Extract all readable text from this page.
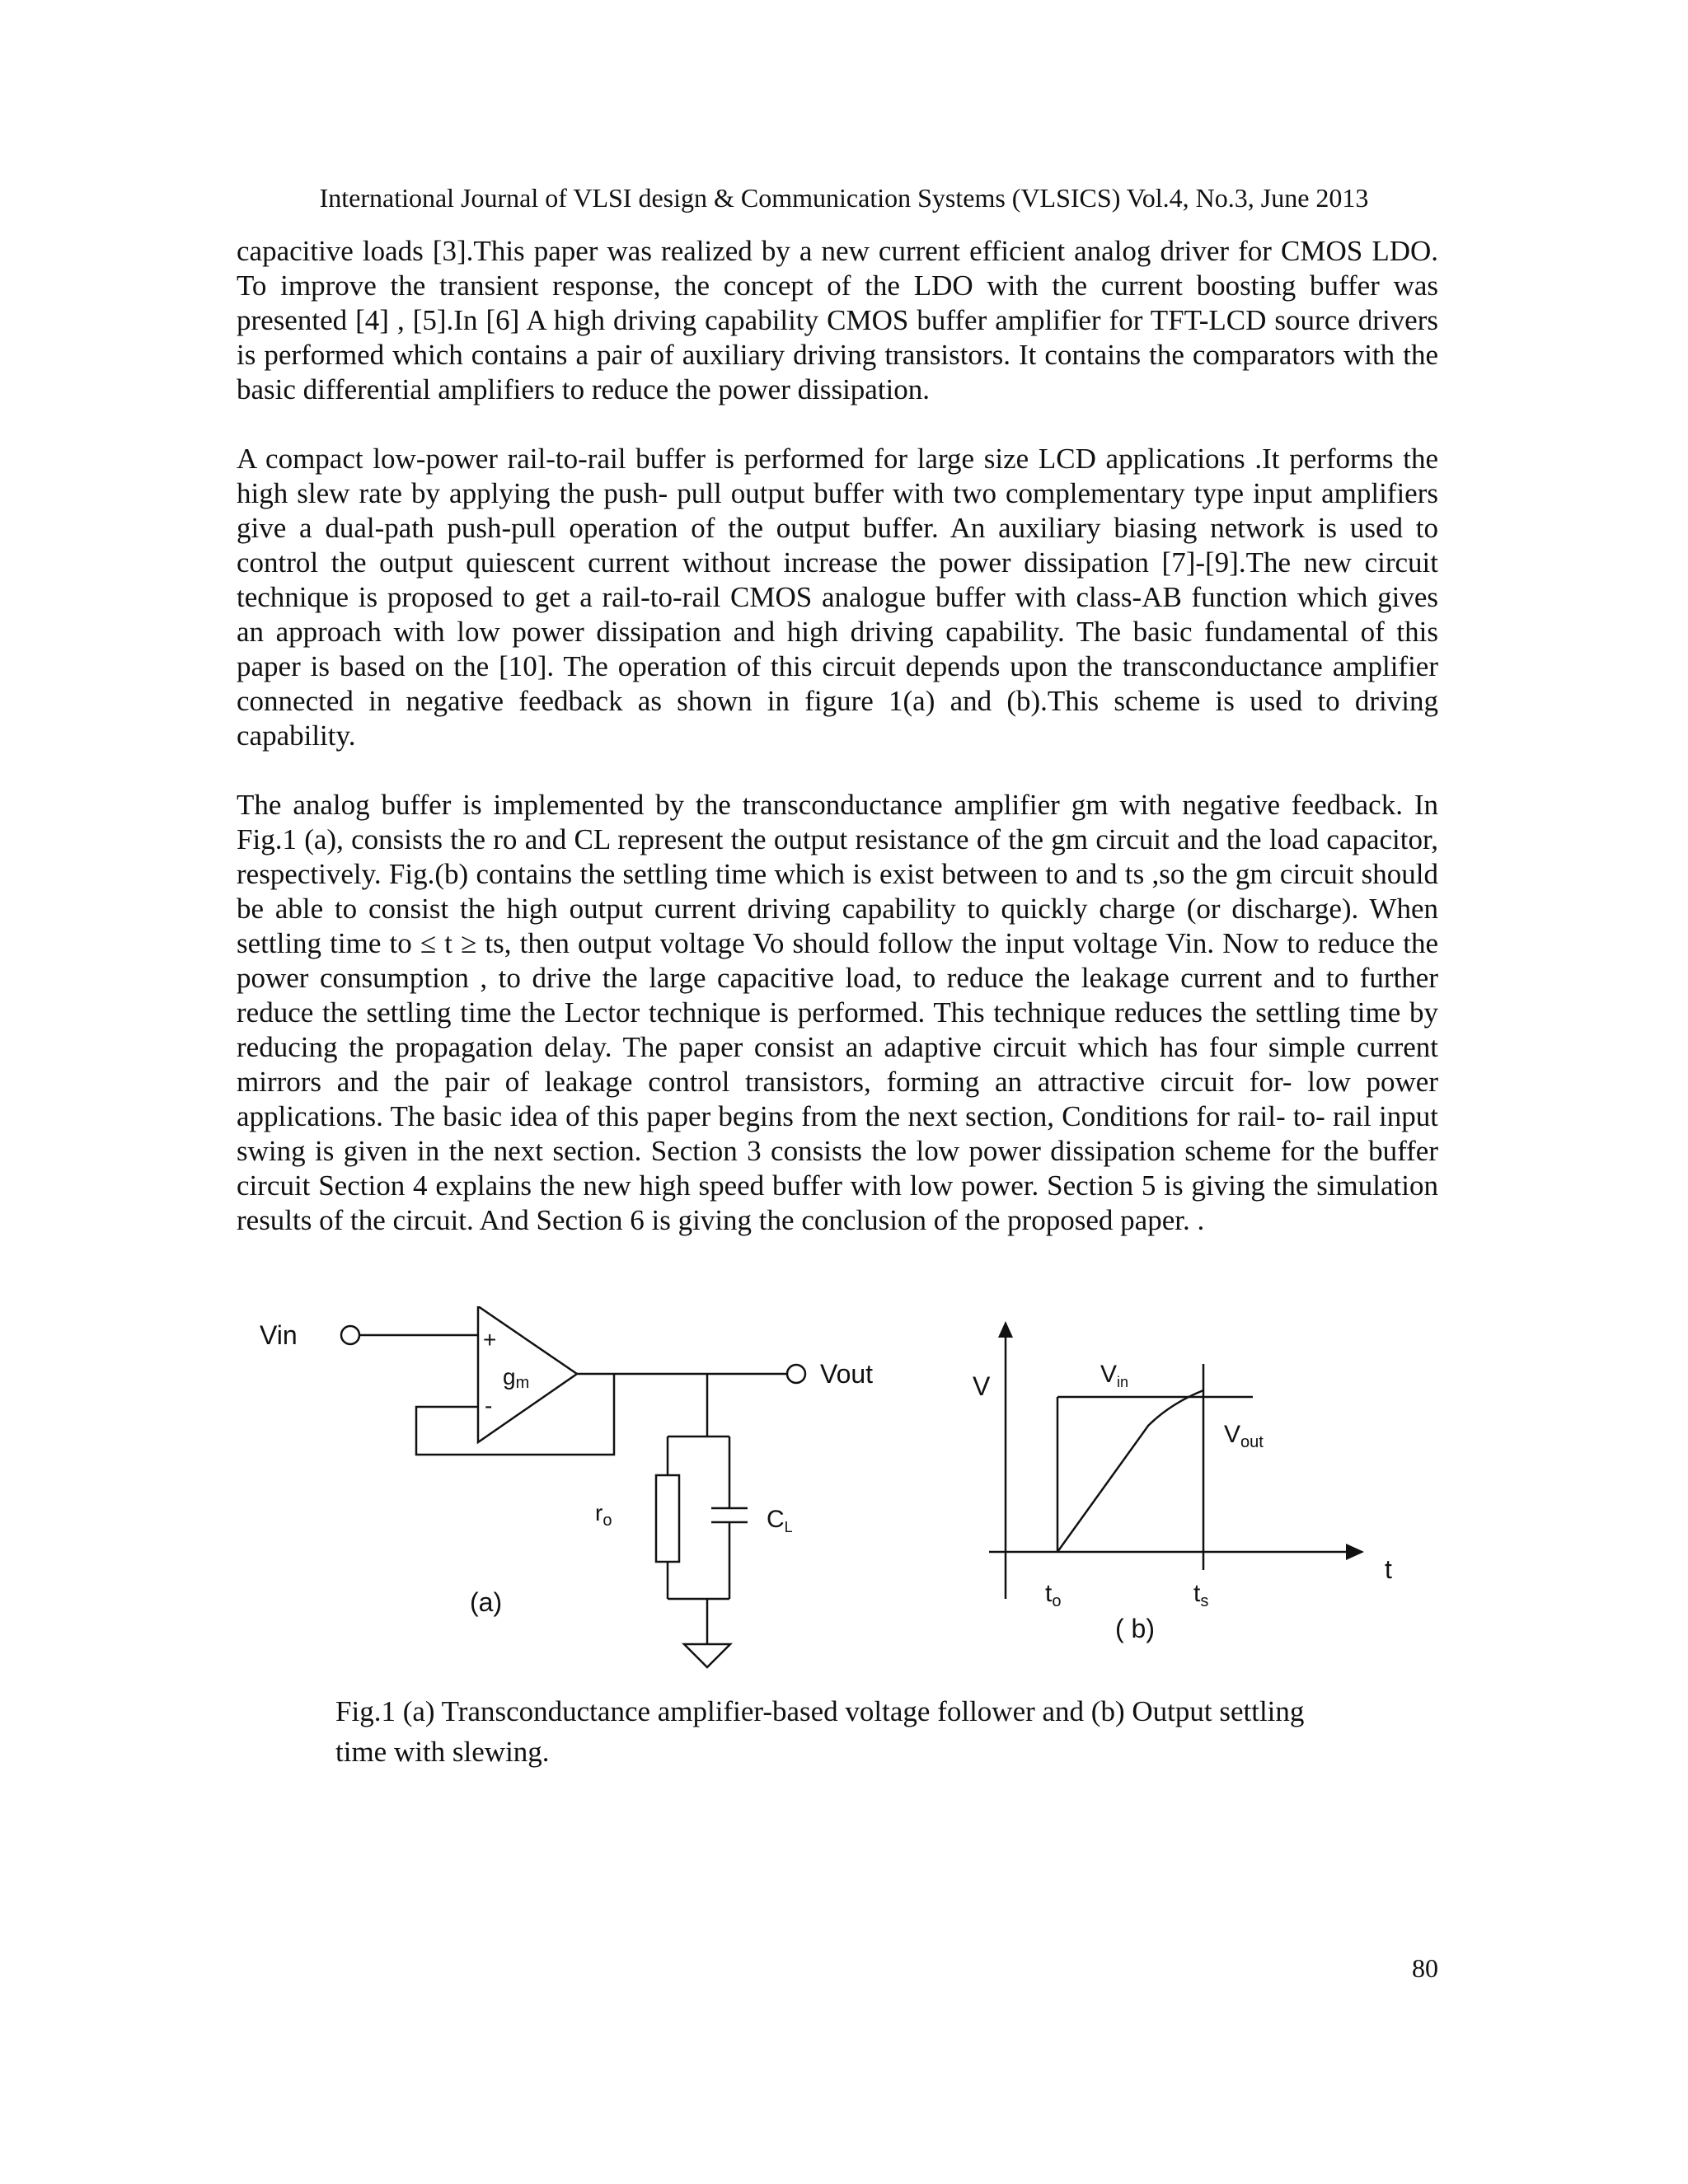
International Journal of VLSI design & Communication Systems (VLSICS) Vol.4, No.3, June 2013

capacitive loads [3].This paper was realized by a new current efficient analog driver for CMOS LDO. To improve the transient response, the concept of the LDO with the current boosting buffer was presented [4] , [5].In [6] A high driving capability CMOS buffer amplifier for TFT-LCD source drivers is performed which contains a pair of auxiliary driving transistors. It contains the comparators with the basic differential amplifiers to reduce the power dissipation.

A compact low-power rail-to-rail buffer is performed for large size LCD applications .It performs the high slew rate by applying the push- pull output buffer with two complementary type input amplifiers give a dual-path push-pull operation of the output buffer. An auxiliary biasing network is used to control the output quiescent current without increase the power dissipation [7]-[9].The new circuit technique is proposed to get a rail-to-rail CMOS analogue buffer with class-AB function which gives an approach with low power dissipation and high driving capability. The basic fundamental of this paper is based on the [10]. The operation of this circuit depends upon the transconductance amplifier connected in negative feedback as shown in figure 1(a) and (b).This scheme is used to driving capability.

The analog buffer is implemented by the transconductance amplifier gm with negative feedback. In Fig.1 (a), consists the ro and CL represent the output resistance of the gm circuit and the load capacitor, respectively. Fig.(b) contains the settling time which is exist between to and ts ,so the gm circuit should be able to consist the high output current driving capability to quickly charge (or discharge). When settling time to ≤ t ≥ ts, then output voltage Vo should follow the input voltage Vin. Now to reduce the power consumption , to drive the large capacitive load, to reduce the leakage current and to further reduce the settling time the Lector technique is performed. This technique reduces the settling time by reducing the propagation delay. The paper consist an adaptive circuit which has four simple current mirrors and the pair of leakage control transistors, forming an attractive circuit for- low power applications. The basic idea of this paper begins from the next section, Conditions for rail- to- rail input swing is given in the next section. Section 3 consists the low power dissipation scheme for the buffer circuit Section 4 explains the new high speed buffer with low power. Section 5 is giving the simulation results of the circuit. And Section 6 is giving the conclusion of the proposed paper. .

Vin	+
-
gm	Vout
$r_o$	$C_L$
(a)
V
t
$V_{in}$
$V_{out}$
$t_o$	$t_s$
( b)
Fig.1 (a) Transconductance amplifier-based voltage follower and (b) Output settling time with slewing.
80
